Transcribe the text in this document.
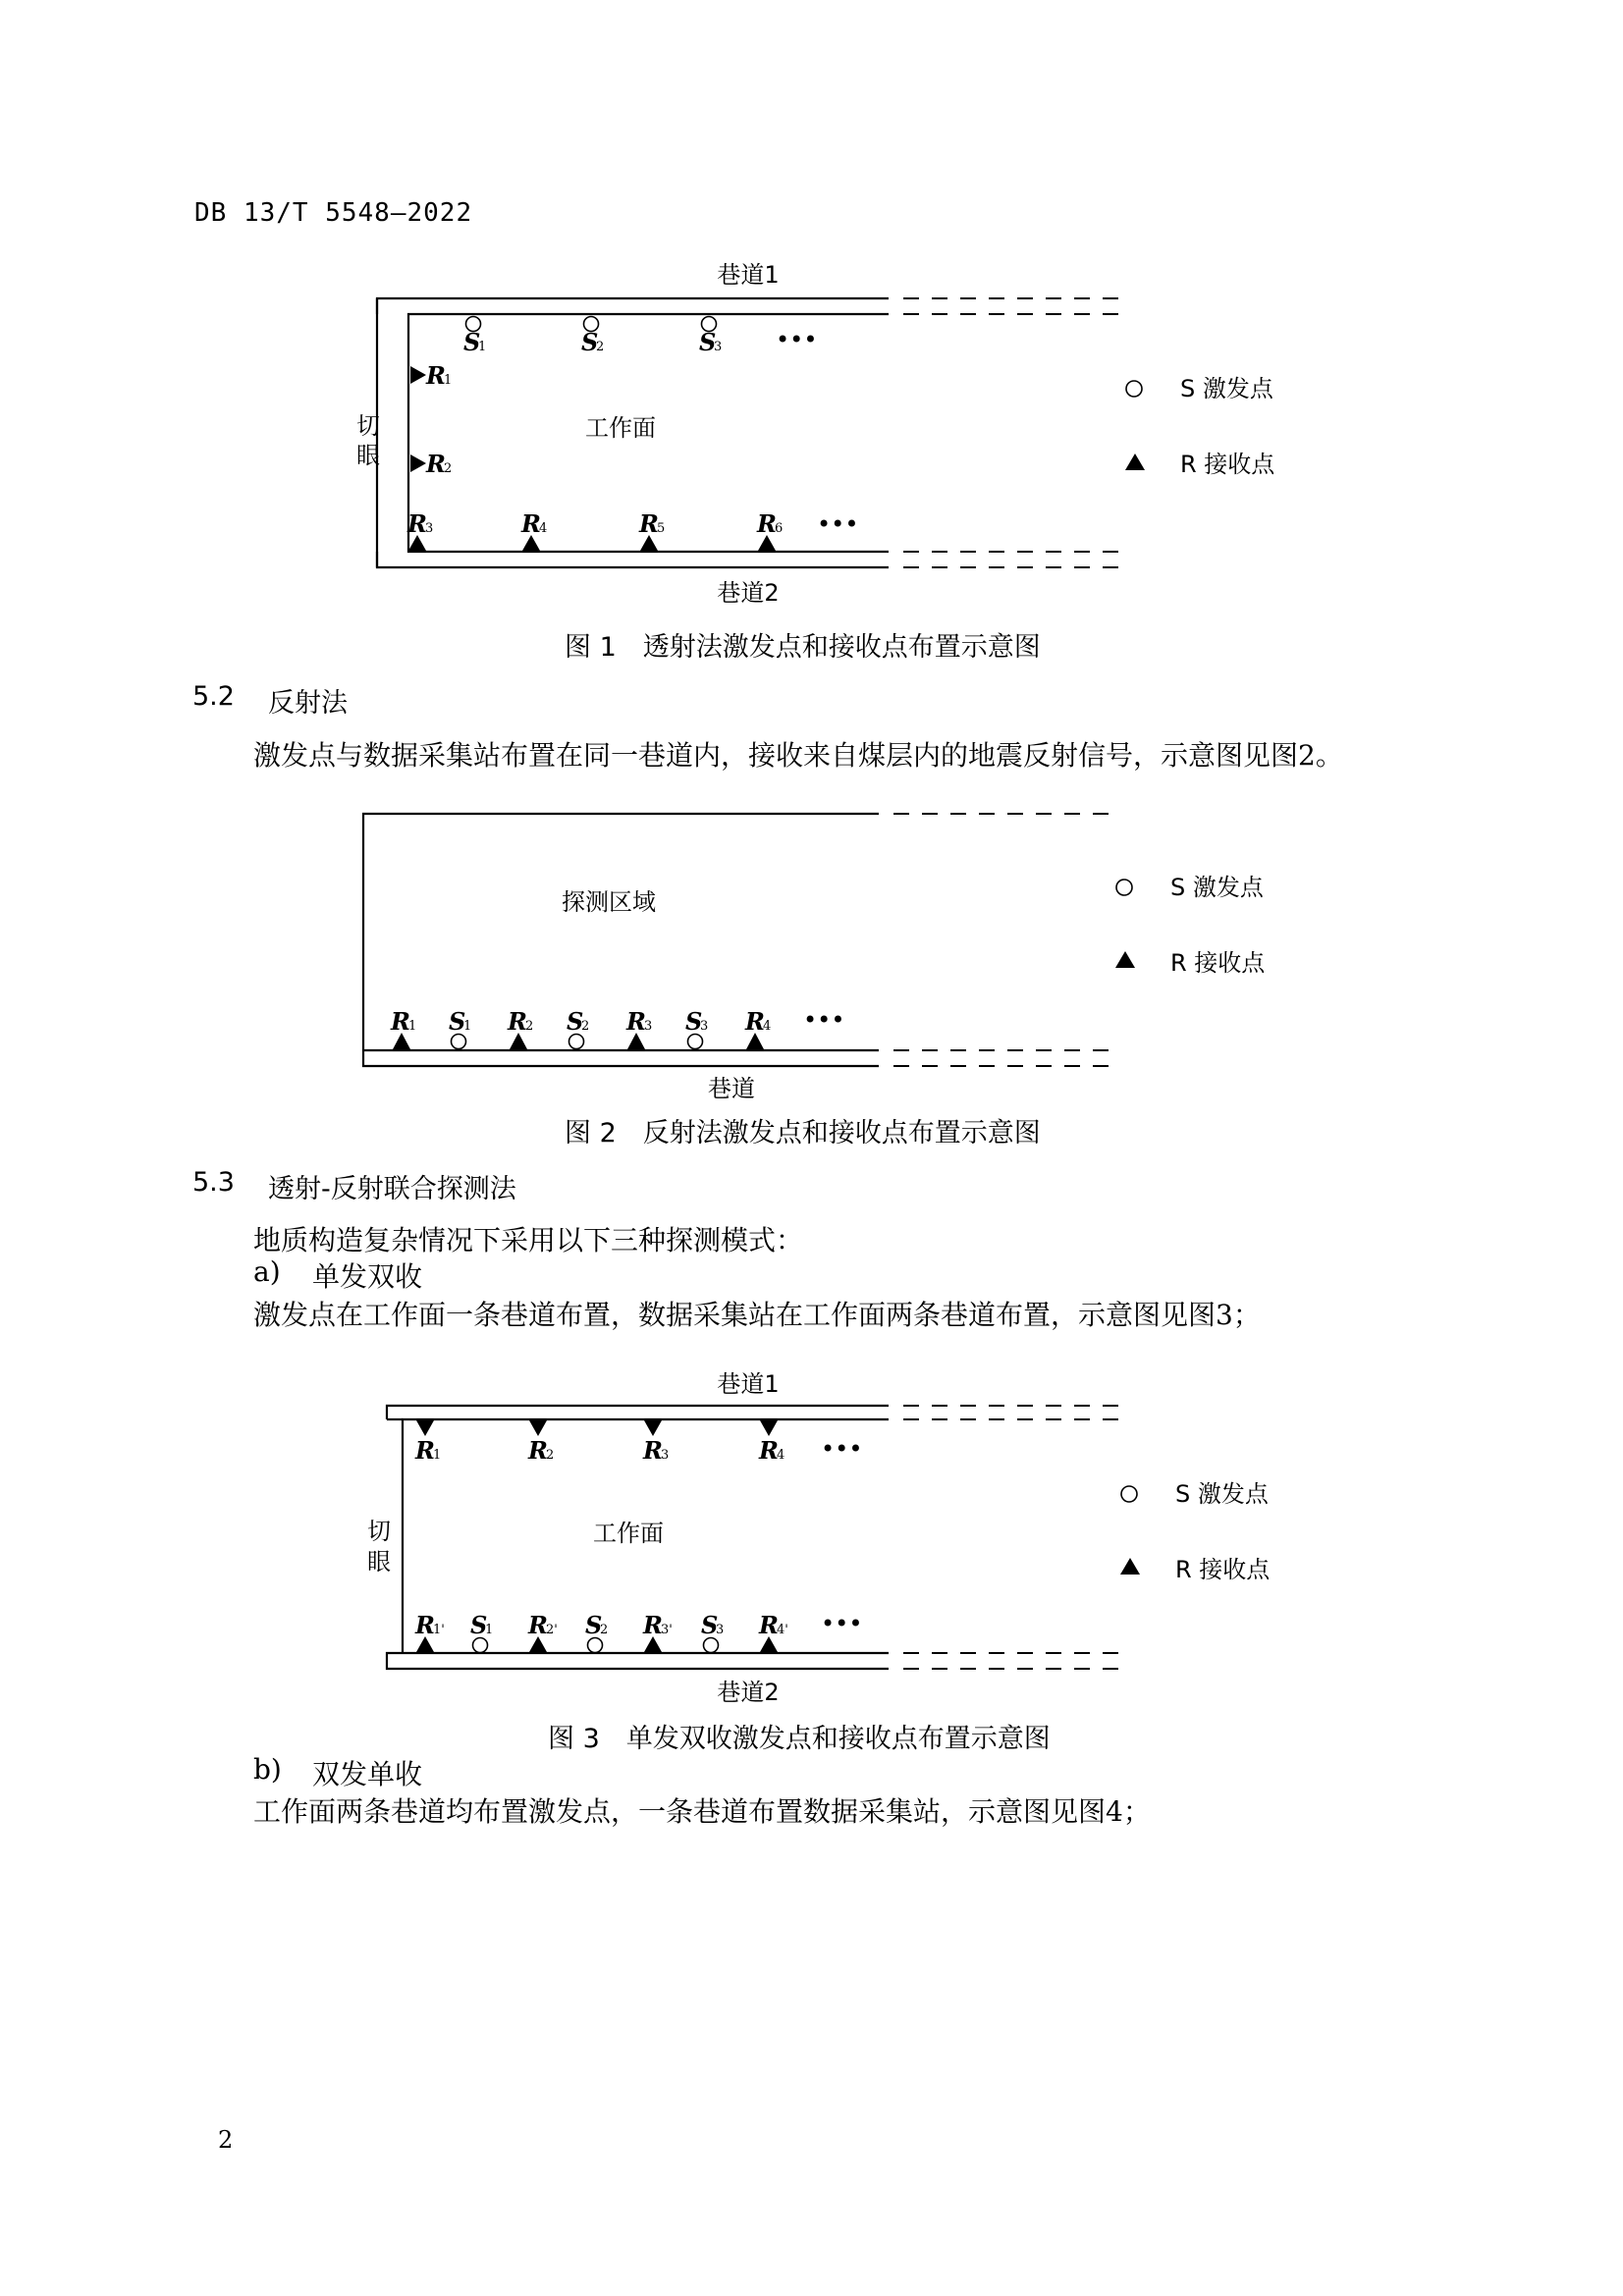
DB 13/T 5548—2022
巷道1
巷道2
切
眼
工作面
S
1	S
2	S
3 •••
R
1
R
2
R
3	R
4	R
5	R
6 •••
S 激发点
R 接收点
图 1　透射法激发点和接收点布置示意图
5.2 反射法
激发点与数据采集站布置在同一巷道内，接收来自煤层内的地震反射信号，示意图见图2。
探测区域
巷道
R
1 S
1 R
2 S
2 R
3 S
3 R
4 •••
S 激发点
R 接收点
图 2　反射法激发点和接收点布置示意图
5.3 透射-反射联合探测法
地质构造复杂情况下采用以下三种探测模式：
a) 单发双收
激发点在工作面一条巷道布置，数据采集站在工作面两条巷道布置，示意图见图3；
巷道1
巷道2
切
眼
工作面
R
1	R
2	R
3	R
4 •••
R
1' S
1 R
2' S
2 R
3' S
3 R
4' •••
S 激发点
R 接收点
图 3　单发双收激发点和接收点布置示意图
b) 双发单收
工作面两条巷道均布置激发点，一条巷道布置数据采集站，示意图见图4；
2
